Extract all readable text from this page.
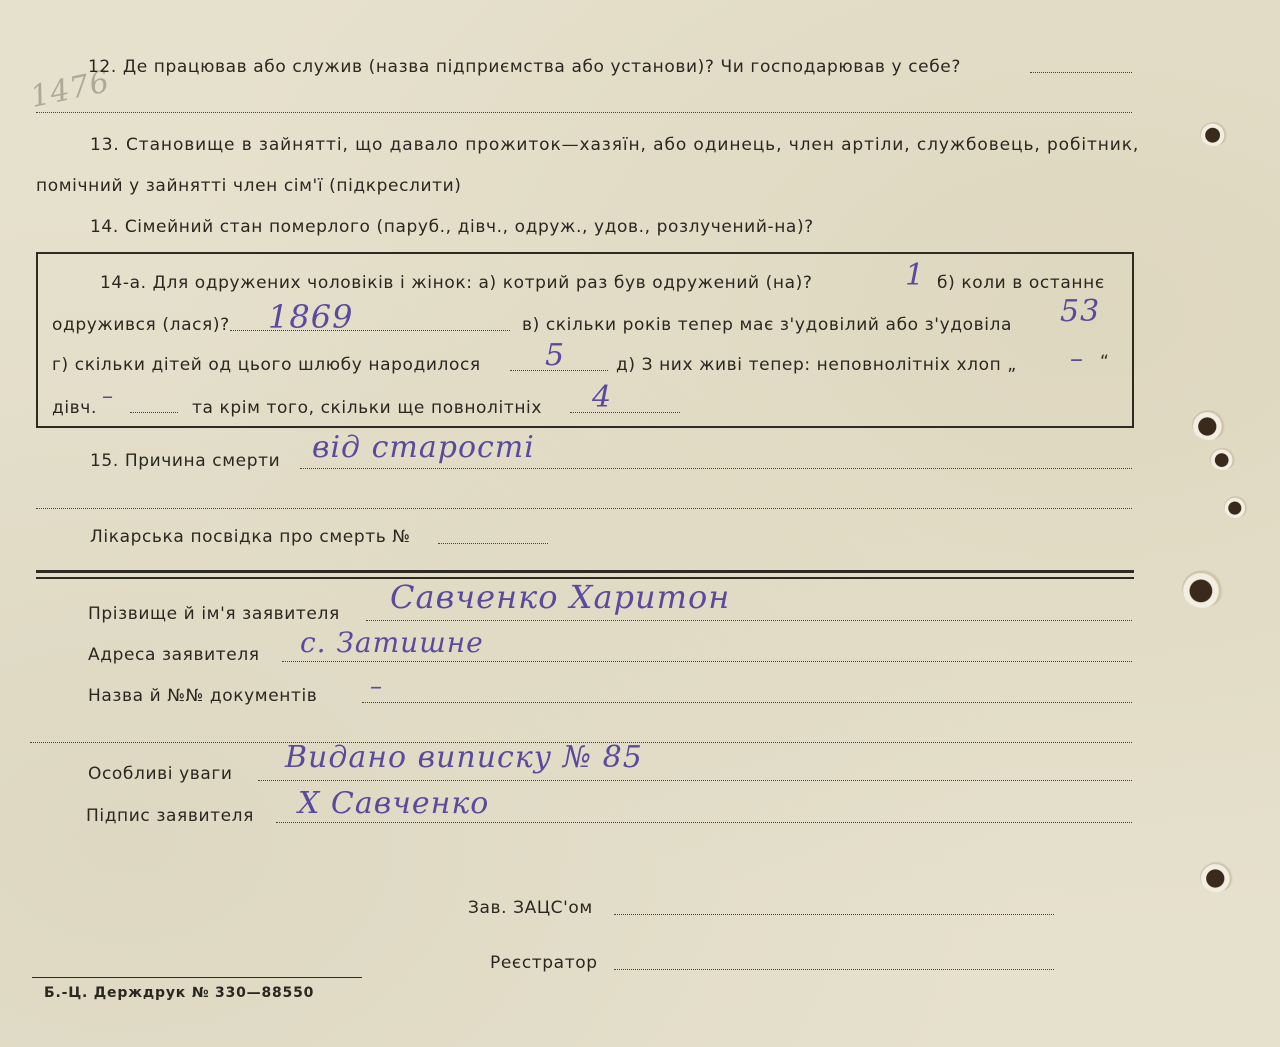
1476
12. Де працював або служив (назва підприємства або установи)? Чи господарював у себе?
13. Становище в зайнятті, що давало прожиток—хазяїн, або одинець, член артіли, службовець, робітник,
помічний у зайнятті член сім'ї (підкреслити)
14. Сімейний стан померлого (паруб., дівч., одруж., удов., розлучений-на)?
14-а. Для одружених чоловіків і жінок: а) котрий раз був одружений (на)?	1 б) коли в останнє
одружився (лася)? 1869	в) скільки років тепер має з'удовілий або з'удовіла 53
г) скільки дітей од цього шлюбу народилося 5	д) З них живі тепер: неповнолітніх хлоп „ – “
дівч. –	та крім того, скільки ще повнолітніх 4
15. Причина смерти від старості
Лікарська посвідка про смерть №
Прізвище й ім'я заявителя Савченко Харитон
Адреса заявителя с. Затишне
Назва й №№ документів –
Особливі уваги Видано виписку № 85
Підпис заявителя Х Савченко
Зав. ЗАЦС'ом
Реєстратор
Б.-Ц. Держдрук № 330—88550
